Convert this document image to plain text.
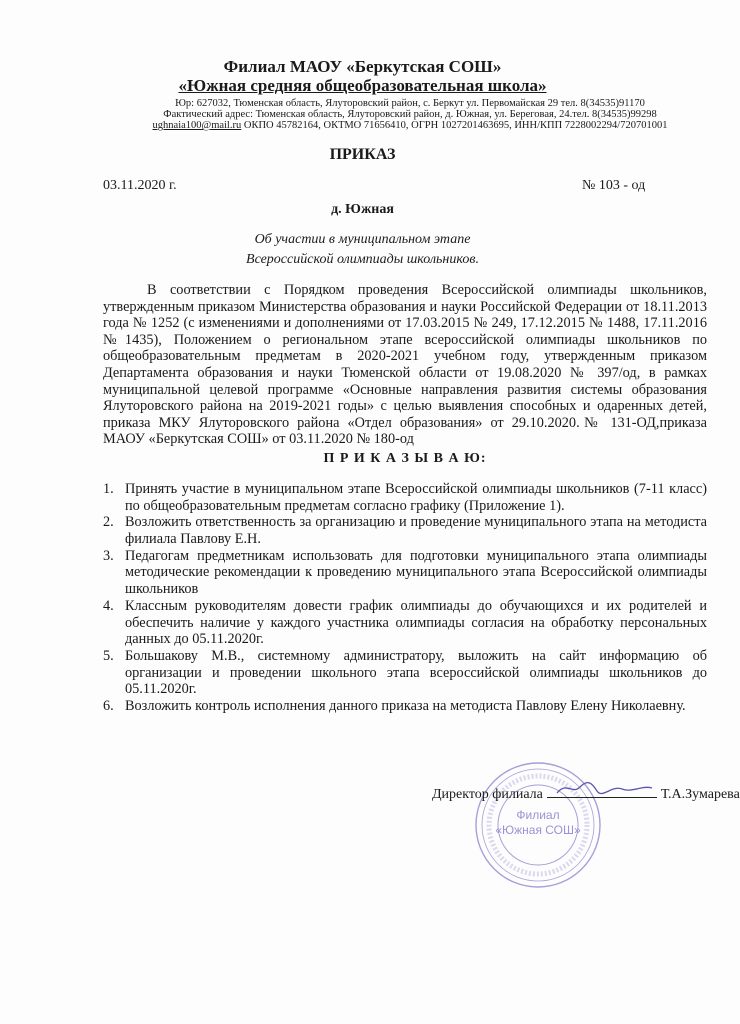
Филиал МАОУ «Беркутская СОШ»
«Южная средняя общеобразовательная школа»
Юр: 627032, Тюменская область, Ялуторовский район, с. Беркут ул. Первомайская 29 тел. 8(34535)91170
Фактический адрес: Тюменская область, Ялуторовский район, д. Южная, ул. Береговая, 24.тел. 8(34535)99298
ughnaia100@mail.ru ОКПО 45782164, ОКТМО 71656410, ОГРН 1027201463695, ИНН/КПП 7228002294/720701001
ПРИКАЗ
03.11.2020 г.	№ 103 - од
д. Южная
Об участии в муниципальном этапе
Всероссийской олимпиады школьников.
В соответствии с Порядком проведения Всероссийской олимпиады школьников, утвержденным приказом Министерства образования и науки Российской Федерации от 18.11.2013 года № 1252 (с изменениями и дополнениями от 17.03.2015 № 249, 17.12.2015 № 1488, 17.11.2016 №1435), Положением о региональном этапе всероссийской олимпиады школьников по общеобразовательным предметам в 2020-2021 учебном году, утвержденным приказом Департамента образования и науки Тюменской области от 19.08.2020 № 397/од, в рамках муниципальной целевой программе «Основные направления развития системы образования Ялуторовского района на 2019-2021 годы» с целью выявления способных и одаренных детей, приказа МКУ Ялуторовского района «Отдел образования» от 29.10.2020.№ 131-ОД,приказа МАОУ «Беркутская СОШ» от 03.11.2020 № 180-од
П Р И К А З Ы В А Ю:
1. Принять участие в муниципальном этапе Всероссийской олимпиады школьников (7-11 класс) по общеобразовательным предметам согласно графику (Приложение 1).
2. Возложить ответственность за организацию и проведение муниципального этапа на методиста филиала Павлову Е.Н.
3. Педагогам предметникам использовать для подготовки муниципального этапа олимпиады методические рекомендации к проведению муниципального этапа Всероссийской олимпиады школьников
4. Классным руководителям довести график олимпиады до обучающихся и их родителей и обеспечить наличие у каждого участника олимпиады согласия на обработку персональных данных до 05.11.2020г.
5. Большакову М.В., системному администратору, выложить на сайт информацию об организации и проведении школьного этапа всероссийской олимпиады школьников до 05.11.2020г.
6. Возложить контроль исполнения данного приказа на методиста Павлову Елену Николаевну.
Филиал
«Южная СОШ»
Директор филиала	Т.А.Зумарева
